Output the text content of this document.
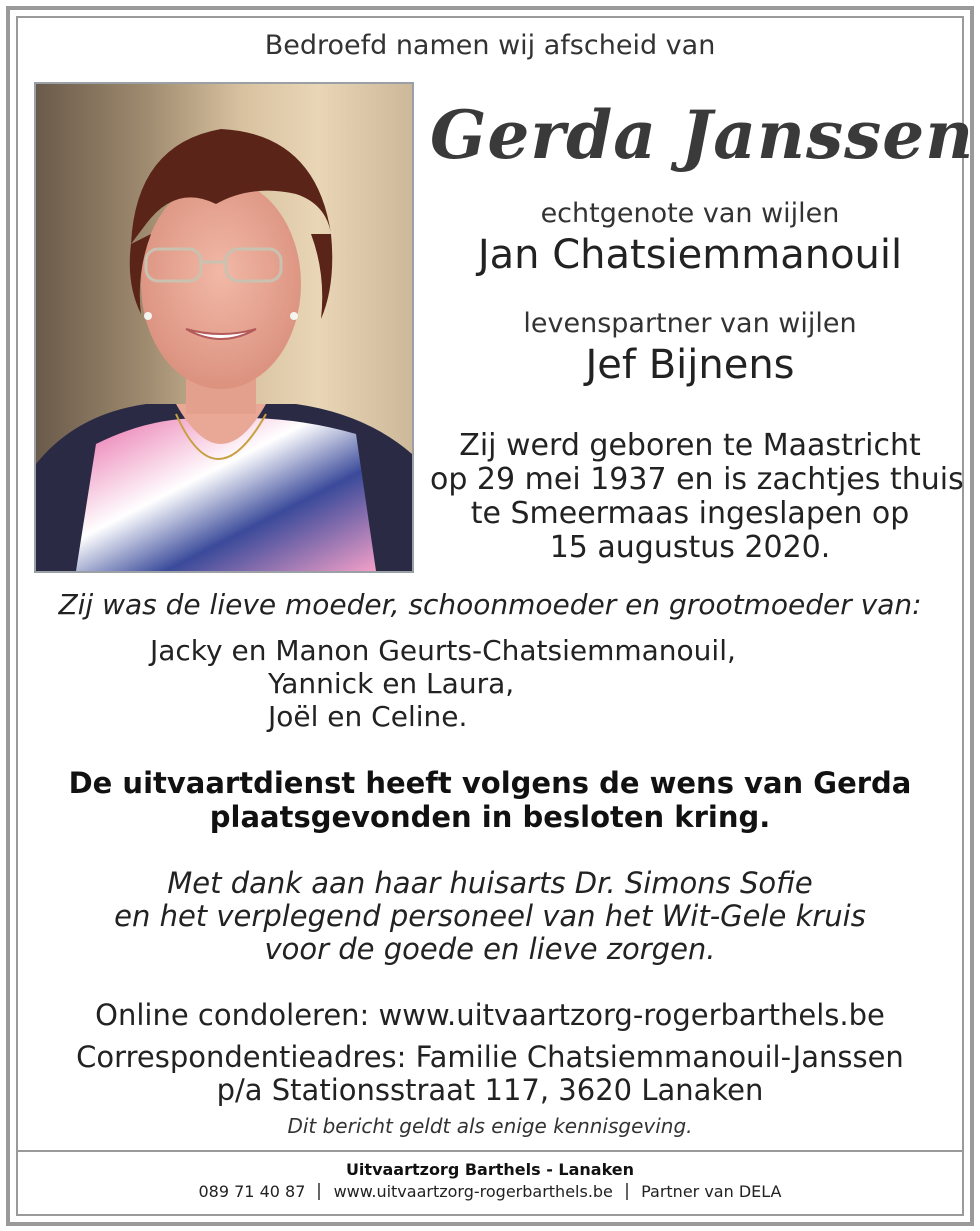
Bedroefd namen wij afscheid van
Gerda Janssen
echtgenote van wijlen
Jan Chatsiemmanouil
levenspartner van wijlen
Jef Bijnens
Zij werd geboren te Maastricht
op 29 mei 1937 en is zachtjes thuis
te Smeermaas ingeslapen op
15 augustus 2020.
Zij was de lieve moeder, schoonmoeder en grootmoeder van:
Jacky en Manon Geurts-Chatsiemmanouil,
Yannick en Laura,
Joël en Celine.
De uitvaartdienst heeft volgens de wens van Gerda
plaatsgevonden in besloten kring.
Met dank aan haar huisarts Dr. Simons Sofie
en het verplegend personeel van het Wit-Gele kruis
voor de goede en lieve zorgen.
Online condoleren: www.uitvaartzorg-rogerbarthels.be
Correspondentieadres: Familie Chatsiemmanouil-Janssen
p/a Stationsstraat 117, 3620 Lanaken
Dit bericht geldt als enige kennisgeving.
Uitvaartzorg Barthels - Lanaken
089 71 40 87 www.uitvaartzorg-rogerbarthels.be Partner van DELA
